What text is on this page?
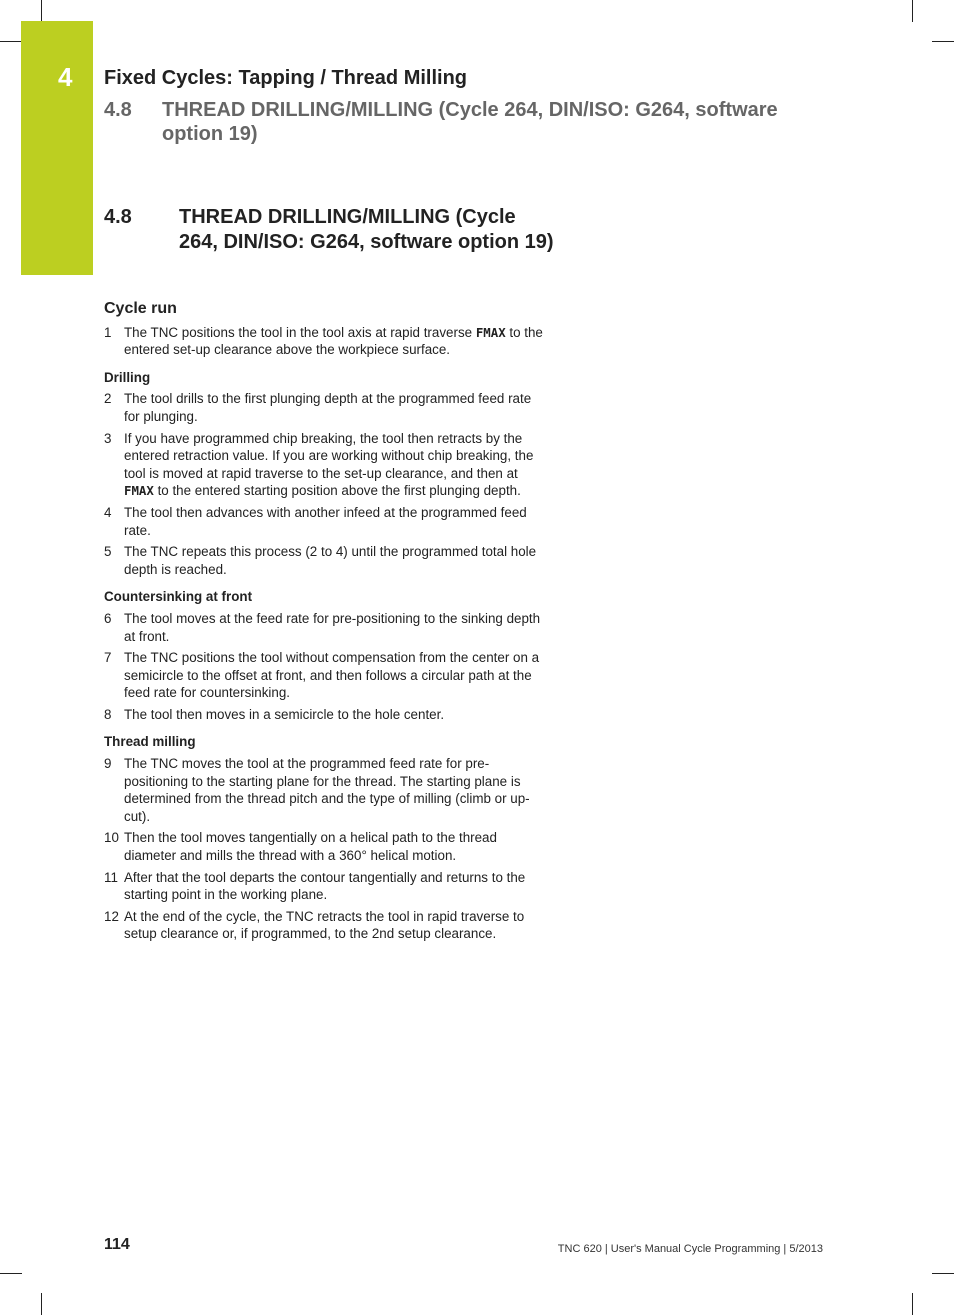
4 Fixed Cycles: Tapping / Thread Milling
4.8 THREAD DRILLING/MILLING (Cycle 264, DIN/ISO: G264, software option 19)
4.8 THREAD DRILLING/MILLING (Cycle 264, DIN/ISO: G264, software option 19)
Cycle run
1 The TNC positions the tool in the tool axis at rapid traverse FMAX to the entered set-up clearance above the workpiece surface.
Drilling
2 The tool drills to the first plunging depth at the programmed feed rate for plunging.
3 If you have programmed chip breaking, the tool then retracts by the entered retraction value. If you are working without chip breaking, the tool is moved at rapid traverse to the set-up clearance, and then at FMAX to the entered starting position above the first plunging depth.
4 The tool then advances with another infeed at the programmed feed rate.
5 The TNC repeats this process (2 to 4) until the programmed total hole depth is reached.
Countersinking at front
6 The tool moves at the feed rate for pre-positioning to the sinking depth at front.
7 The TNC positions the tool without compensation from the center on a semicircle to the offset at front, and then follows a circular path at the feed rate for countersinking.
8 The tool then moves in a semicircle to the hole center.
Thread milling
9 The TNC moves the tool at the programmed feed rate for pre-positioning to the starting plane for the thread. The starting plane is determined from the thread pitch and the type of milling (climb or up-cut).
10 Then the tool moves tangentially on a helical path to the thread diameter and mills the thread with a 360° helical motion.
11 After that the tool departs the contour tangentially and returns to the starting point in the working plane.
12 At the end of the cycle, the TNC retracts the tool in rapid traverse to setup clearance or, if programmed, to the 2nd setup clearance.
114	TNC 620 | User's Manual Cycle Programming | 5/2013
